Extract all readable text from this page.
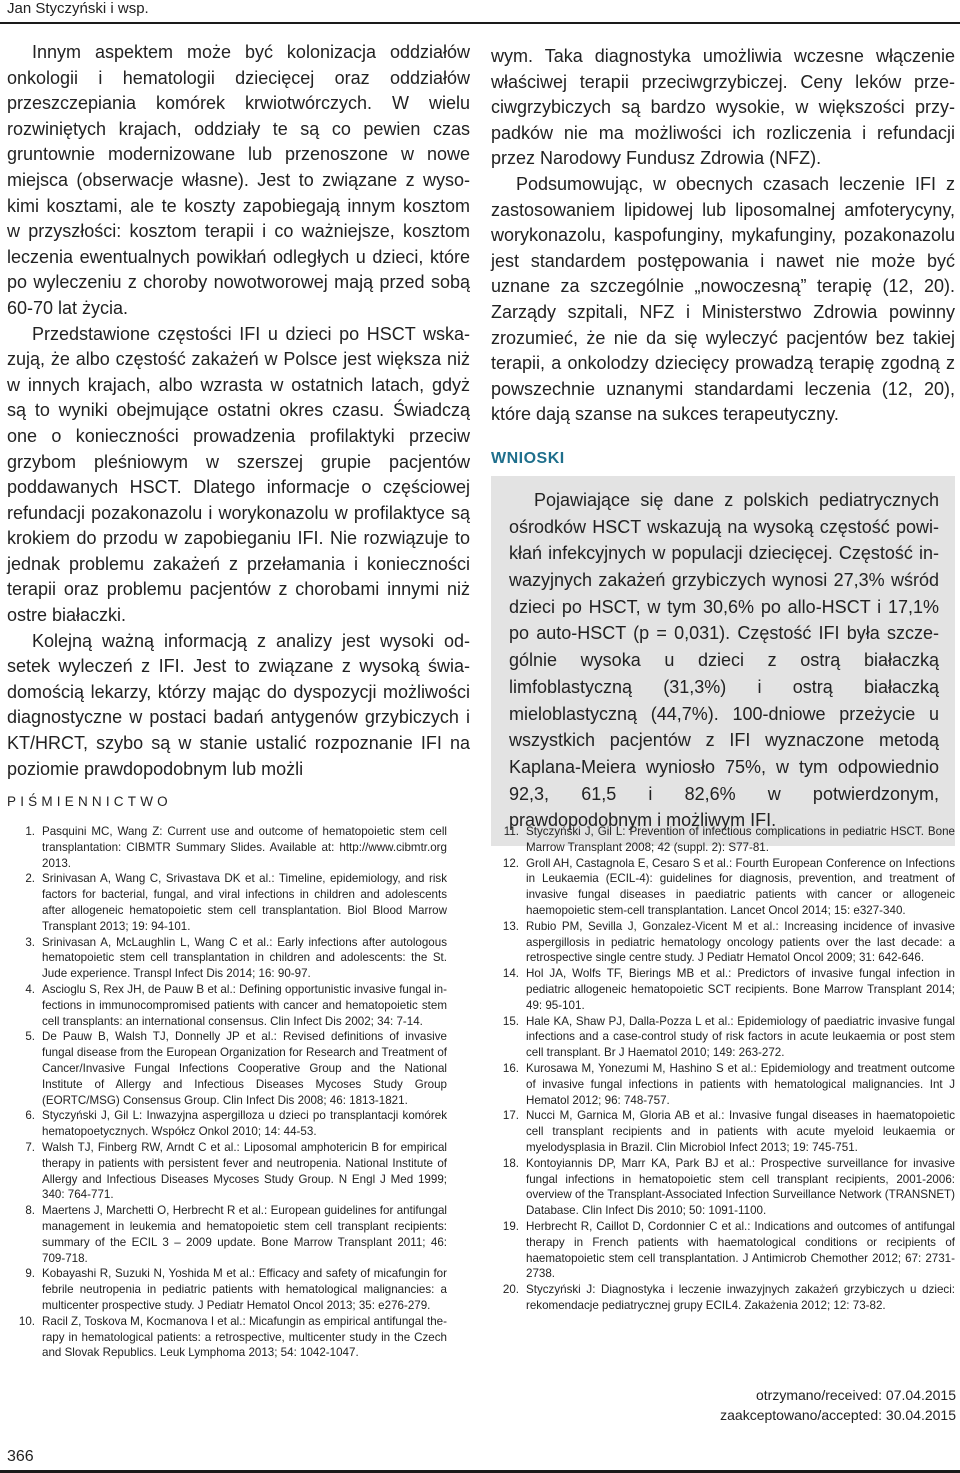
Jan Styczyński i wsp.

Innym aspektem może być kolonizacja oddziałów onkologii i hematologii dziecięcej oraz oddziałów przeszczepiania komórek krwiotwórczych. W wielu rozwiniętych krajach, oddziały te są co pewien czas gruntownie modernizowane lub przenoszone w nowe miejsca (obserwacje własne). Jest to związane z wysokimi kosztami, ale te koszty zapobiegają innym kosztom w przyszłości: kosztom terapii i co ważniejsze, kosztom leczenia ewentualnych powikłań odległych u dzieci, które po wyleczeniu z choroby nowotworowej mają przed sobą 60-70 lat życia.

Przedstawione częstości IFI u dzieci po HSCT wskazują, że albo częstość zakażeń w Polsce jest większa niż w innych krajach, albo wzrasta w ostatnich latach, gdyż są to wyniki obejmujące ostatni okres czasu. Świadczą one o konieczności prowadzenia profilaktyki przeciw grzybom pleśniowym w szerszej grupie pacjentów poddawanych HSCT. Dlatego informacje o częściowej refundacji pozakonazolu i worykonazolu w profilaktyce są krokiem do przodu w zapobieganiu IFI. Nie rozwiązuje to jednak problemu zakażeń z przełamania i konieczności terapii oraz problemu pacjentów z chorobami innymi niż ostre białaczki.

Kolejną ważną informacją z analizy jest wysoki odsetek wyleczeń z IFI. Jest to związane z wysoką świadomością lekarzy, którzy mając do dyspozycji możliwości diagnostyczne w postaci badań antygenów grzybiczych i KT/HRCT, szybo są w stanie ustalić rozpoznanie IFI na poziomie prawdopodobnym lub możli

wym. Taka diagnostyka umożliwia wczesne włączenie właściwej terapii przeciwgrzybiczej. Ceny leków przeciwgrzybiczych są bardzo wysokie, w większości przypadków nie ma możliwości ich rozliczenia i refundacji przez Narodowy Fundusz Zdrowia (NFZ).

Podsumowując, w obecnych czasach leczenie IFI z zastosowaniem lipidowej lub liposomalnej amfoterycyny, worykonazolu, kaspofunginy, mykafunginy, pozakonazolu jest standardem postępowania i nawet nie może być uznane za szczególnie „nowoczesną” terapię (12, 20). Zarządy szpitali, NFZ i Ministerstwo Zdrowia powinny zrozumieć, że nie da się wyleczyć pacjentów bez takiej terapii, a onkolodzy dziecięcy prowadzą terapię zgodną z powszechnie uznanymi standardami leczenia (12, 20), które dają szanse na sukces terapeutyczny.

WNIOSKI

Pojawiające się dane z polskich pediatrycznych ośrodków HSCT wskazują na wysoką częstość powikłań infekcyjnych w populacji dziecięcej. Częstość inwazyjnych zakażeń grzybiczych wynosi 27,3% wśród dzieci po HSCT, w tym 30,6% po allo-HSCT i 17,1% po auto-HSCT (p = 0,031). Częstość IFI była szczególnie wysoka u dzieci z ostrą białaczką limfoblastyczną (31,3%) i ostrą białaczką mieloblastyczną (44,7%). 100-dniowe przeżycie u wszystkich pacjentów z IFI wyznaczone metodą Kaplana-Meiera wyniosło 75%, w tym odpowiednio 92,3, 61,5 i 82,6% w potwierdzonym, prawdopodobnym i możliwym IFI.

PIŚMIENNICTWO
1. Pasquini MC, Wang Z: Current use and outcome of hematopoietic stem cell transplantation: CIBMTR Summary Slides. Available at: http://www.cibmtr.org 2013.
2. Srinivasan A, Wang C, Srivastava DK et al.: Timeline, epidemiology, and risk factors for bacterial, fungal, and viral infections in children and adolescents after allogeneic hematopoietic stem cell transplantation. Biol Blood Marrow Transplant 2013; 19: 94-101.
3. Srinivasan A, McLaughlin L, Wang C et al.: Early infections after autologous hematopoietic stem cell transplantation in children and adolescents: the St. Jude experience. Transpl Infect Dis 2014; 16: 90-97.
4. Ascioglu S, Rex JH, de Pauw B et al.: Defining opportunistic invasive fungal infections in immunocompromised patients with cancer and hematopoietic stem cell transplants: an international consensus. Clin Infect Dis 2002; 34: 7-14.
5. De Pauw B, Walsh TJ, Donnelly JP et al.: Revised definitions of invasive fungal disease from the European Organization for Research and Treatment of Cancer/Invasive Fungal Infections Cooperative Group and the National Institute of Allergy and Infectious Diseases Mycoses Study Group (EORTC/MSG) Consensus Group. Clin Infect Dis 2008; 46: 1813-1821.
6. Styczyński J, Gil L: Inwazyjna aspergilloza u dzieci po transplantacji komórek hematopoetycznych. Współcz Onkol 2010; 14: 44-53.
7. Walsh TJ, Finberg RW, Arndt C et al.: Liposomal amphotericin B for empirical therapy in patients with persistent fever and neutropenia. National Institute of Allergy and Infectious Diseases Mycoses Study Group. N Engl J Med 1999; 340: 764-771.
8. Maertens J, Marchetti O, Herbrecht R et al.: European guidelines for antifungal management in leukemia and hematopoietic stem cell transplant recipients: summary of the ECIL 3 – 2009 update. Bone Marrow Transplant 2011; 46: 709-718.
9. Kobayashi R, Suzuki N, Yoshida M et al.: Efficacy and safety of micafungin for febrile neutropenia in pediatric patients with hematological malignancies: a multicenter prospective study. J Pediatr Hematol Oncol 2013; 35: e276-279.
10. Racil Z, Toskova M, Kocmanova I et al.: Micafungin as empirical antifungal therapy in hematological patients: a retrospective, multicenter study in the Czech and Slovak Republics. Leuk Lymphoma 2013; 54: 1042-1047.
11. Styczyński J, Gil L: Prevention of infectious complications in pediatric HSCT. Bone Marrow Transplant 2008; 42 (suppl. 2): S77-81.
12. Groll AH, Castagnola E, Cesaro S et al.: Fourth European Conference on Infections in Leukaemia (ECIL-4): guidelines for diagnosis, prevention, and treatment of invasive fungal diseases in paediatric patients with cancer or allogeneic haemopoietic stem-cell transplantation. Lancet Oncol 2014; 15: e327-340.
13. Rubio PM, Sevilla J, Gonzalez-Vicent M et al.: Increasing incidence of invasive aspergillosis in pediatric hematology oncology patients over the last decade: a retrospective single centre study. J Pediatr Hematol Oncol 2009; 31: 642-646.
14. Hol JA, Wolfs TF, Bierings MB et al.: Predictors of invasive fungal infection in pediatric allogeneic hematopoietic SCT recipients. Bone Marrow Transplant 2014; 49: 95-101.
15. Hale KA, Shaw PJ, Dalla-Pozza L et al.: Epidemiology of paediatric invasive fungal infections and a case-control study of risk factors in acute leukaemia or post stem cell transplant. Br J Haematol 2010; 149: 263-272.
16. Kurosawa M, Yonezumi M, Hashino S et al.: Epidemiology and treatment outcome of invasive fungal infections in patients with hematological malignancies. Int J Hematol 2012; 96: 748-757.
17. Nucci M, Garnica M, Gloria AB et al.: Invasive fungal diseases in haematopoietic cell transplant recipients and in patients with acute myeloid leukaemia or myelodysplasia in Brazil. Clin Microbiol Infect 2013; 19: 745-751.
18. Kontoyiannis DP, Marr KA, Park BJ et al.: Prospective surveillance for invasive fungal infections in hematopoietic stem cell transplant recipients, 2001-2006: overview of the Transplant-Associated Infection Surveillance Network (TRANSNET) Database. Clin Infect Dis 2010; 50: 1091-1100.
19. Herbrecht R, Caillot D, Cordonnier C et al.: Indications and outcomes of antifungal therapy in French patients with haematological conditions or recipients of haematopoietic stem cell transplantation. J Antimicrob Chemother 2012; 67: 2731-2738.
20. Styczyński J: Diagnostyka i leczenie inwazyjnych zakażeń grzybiczych u dzieci: rekomendacje pediatrycznej grupy ECIL4. Zakażenia 2012; 12: 73-82.
otrzymano/received: 07.04.2015
zaakceptowano/accepted: 30.04.2015
366
